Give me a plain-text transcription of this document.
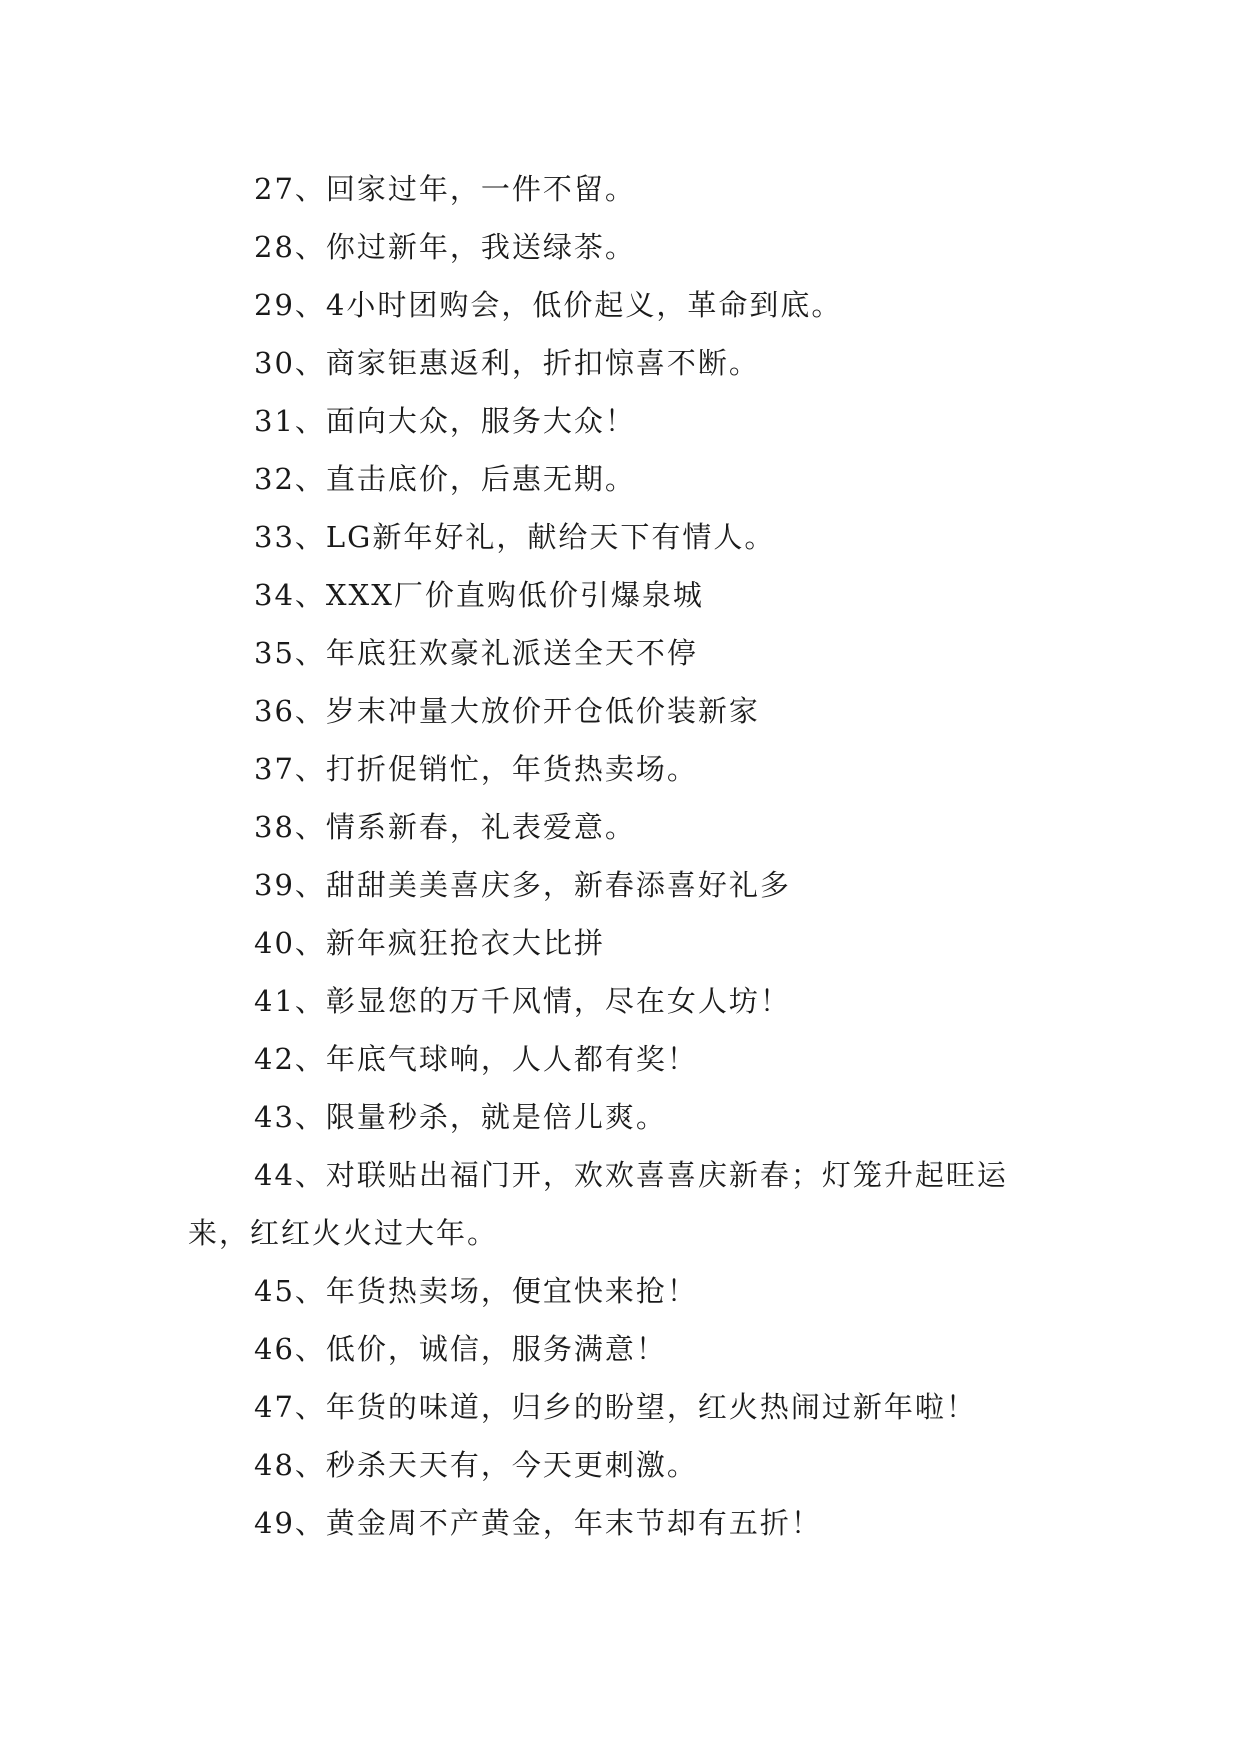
27、回家过年，一件不留。

28、你过新年，我送绿茶。

29、4小时团购会，低价起义，革命到底。

30、商家钜惠返利，折扣惊喜不断。

31、面向大众，服务大众！

32、直击底价，后惠无期。

33、LG新年好礼，献给天下有情人。

34、XXX厂价直购低价引爆泉城

35、年底狂欢豪礼派送全天不停

36、岁末冲量大放价开仓低价装新家

37、打折促销忙，年货热卖场。

38、情系新春，礼表爱意。

39、甜甜美美喜庆多，新春添喜好礼多

40、新年疯狂抢衣大比拼

41、彰显您的万千风情，尽在女人坊！

42、年底气球响，人人都有奖！

43、限量秒杀，就是倍儿爽。

44、对联贴出福门开，欢欢喜喜庆新春；灯笼升起旺运
来，红红火火过大年。

45、年货热卖场，便宜快来抢！

46、低价，诚信，服务满意！

47、年货的味道，归乡的盼望，红火热闹过新年啦！

48、秒杀天天有，今天更刺激。

49、黄金周不产黄金，年末节却有五折！
